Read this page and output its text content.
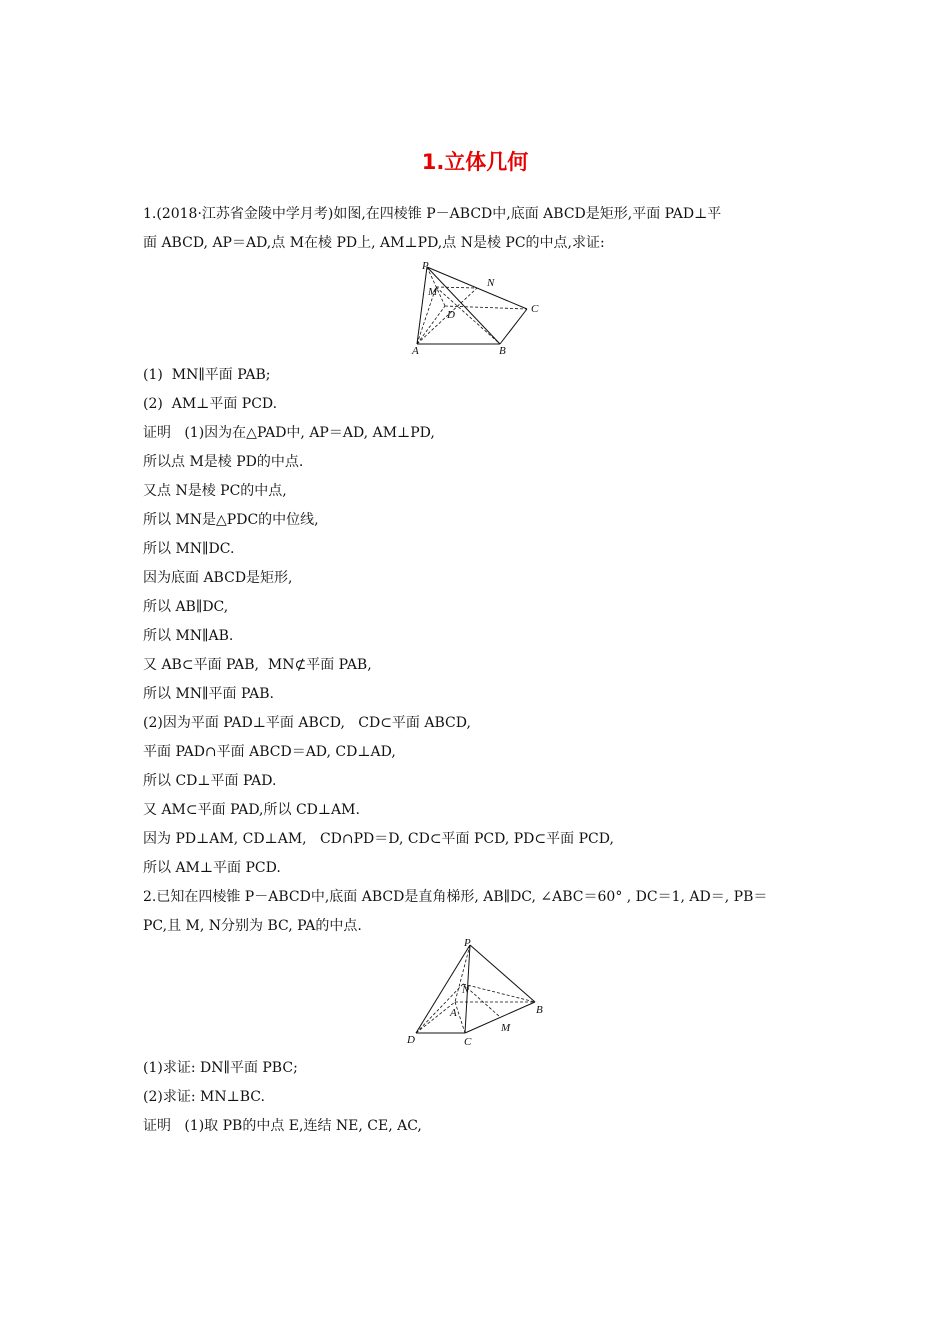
1.立体几何

1.(2018·江苏省金陵中学月考)如图,在四棱锥 P－ABCD中,底面 ABCD是矩形,平面 PAD⊥平

面 ABCD, AP＝AD,点 M在棱 PD上, AM⊥PD,点 N是棱 PC的中点,求证:

P
N
M
D	C
A	B

(1)  MN∥平面 PAB;

(2)  AM⊥平面 PCD.

证明   (1)因为在△PAD中, AP＝AD, AM⊥PD,

所以点 M是棱 PD的中点.

又点 N是棱 PC的中点,

所以 MN是△PDC的中位线,

所以 MN∥DC.

因为底面 ABCD是矩形,

所以 AB∥DC,

所以 MN∥AB.

又 AB⊂平面 PAB,  MN⊄平面 PAB,

所以 MN∥平面 PAB.

(2)因为平面 PAD⊥平面 ABCD,   CD⊂平面 ABCD,

平面 PAD∩平面 ABCD＝AD, CD⊥AD,

所以 CD⊥平面 PAD.

又 AM⊂平面 PAD,所以 CD⊥AM.

因为 PD⊥AM, CD⊥AM,   CD∩PD＝D, CD⊂平面 PCD, PD⊂平面 PCD,

所以 AM⊥平面 PCD.

2.已知在四棱锥 P－ABCD中,底面 ABCD是直角梯形, AB∥DC, ∠ABC＝60° , DC＝1, AD＝, PB＝

PC,且 M, N分别为 BC, PA的中点.

P
N
A	B
M
D	C

(1)求证: DN∥平面 PBC;

(2)求证: MN⊥BC.

证明   (1)取 PB的中点 E,连结 NE, CE, AC,
